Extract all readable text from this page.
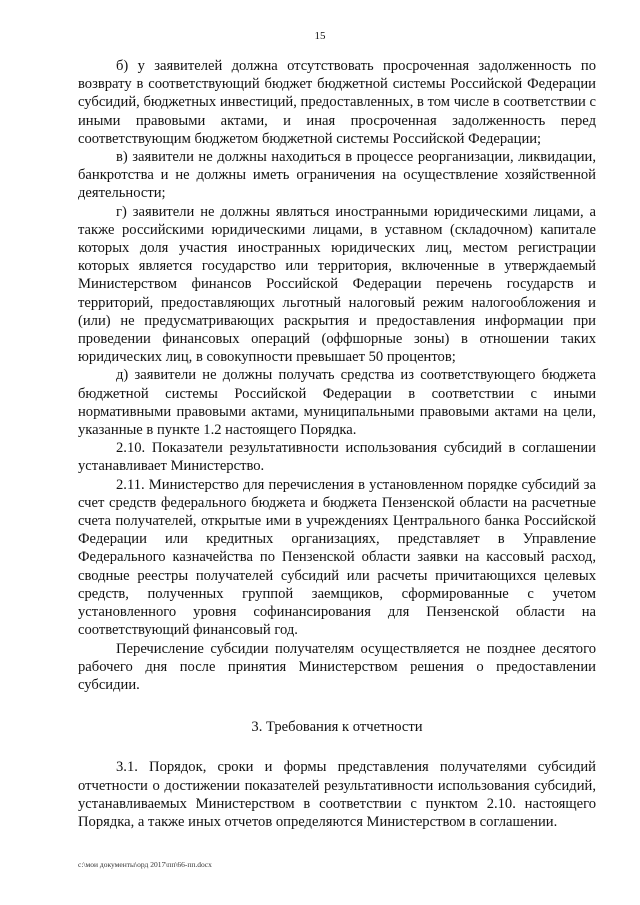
15

б) у заявителей должна отсутствовать просроченная задолженность по возврату в соответствующий бюджет бюджетной системы Российской Федерации субсидий, бюджетных инвестиций, предоставленных, в том числе в соответствии с иными правовыми актами, и иная просроченная задолженность перед соответствующим бюджетом бюджетной системы Российской Федерации;

в) заявители не должны находиться в процессе реорганизации, ликвидации, банкротства и не должны иметь ограничения на осуществление хозяйственной деятельности;

г) заявители не должны являться иностранными юридическими лицами, а также российскими юридическими лицами, в уставном (складочном) капитале которых доля участия иностранных юридических лиц, местом регистрации которых является государство или территория, включенные в утверждаемый Министерством финансов Российской Федерации перечень государств и территорий, предоставляющих льготный налоговый режим налогообложения и (или) не предусматривающих раскрытия и предоставления информации при проведении финансовых операций (оффшорные зоны) в отношении таких юридических лиц, в совокупности превышает 50 процентов;

д) заявители не должны получать средства из соответствующего бюджета бюджетной системы Российской Федерации в соответствии с иными нормативными правовыми актами, муниципальными правовыми актами на цели, указанные в пункте 1.2 настоящего Порядка.

2.10. Показатели результативности использования субсидий в соглашении устанавливает Министерство.

2.11. Министерство для перечисления в установленном порядке субсидий за счет средств федерального бюджета и бюджета Пензенской области на расчетные счета получателей, открытые ими в учреждениях Центрального банка Российской Федерации или кредитных организациях, представляет в Управление Федерального казначейства по Пензенской области заявки на кассовый расход, сводные реестры получателей субсидий или расчеты причитающихся целевых средств, полученных группой заемщиков, сформированные с учетом установленного уровня софинансирования для Пензенской области на соответствующий финансовый год.

Перечисление субсидии получателям осуществляется не позднее десятого рабочего дня после принятия Министерством решения о предоставлении субсидии.

3. Требования к отчетности

3.1. Порядок, сроки и формы представления получателями субсидий отчетности о достижении показателей результативности использования субсидий, устанавливаемых Министерством в соответствии с пунктом 2.10. настоящего Порядка, а также иных отчетов определяются Министерством в соглашении.

c:\мои документы\орд 2017\пп\66-пп.docx
